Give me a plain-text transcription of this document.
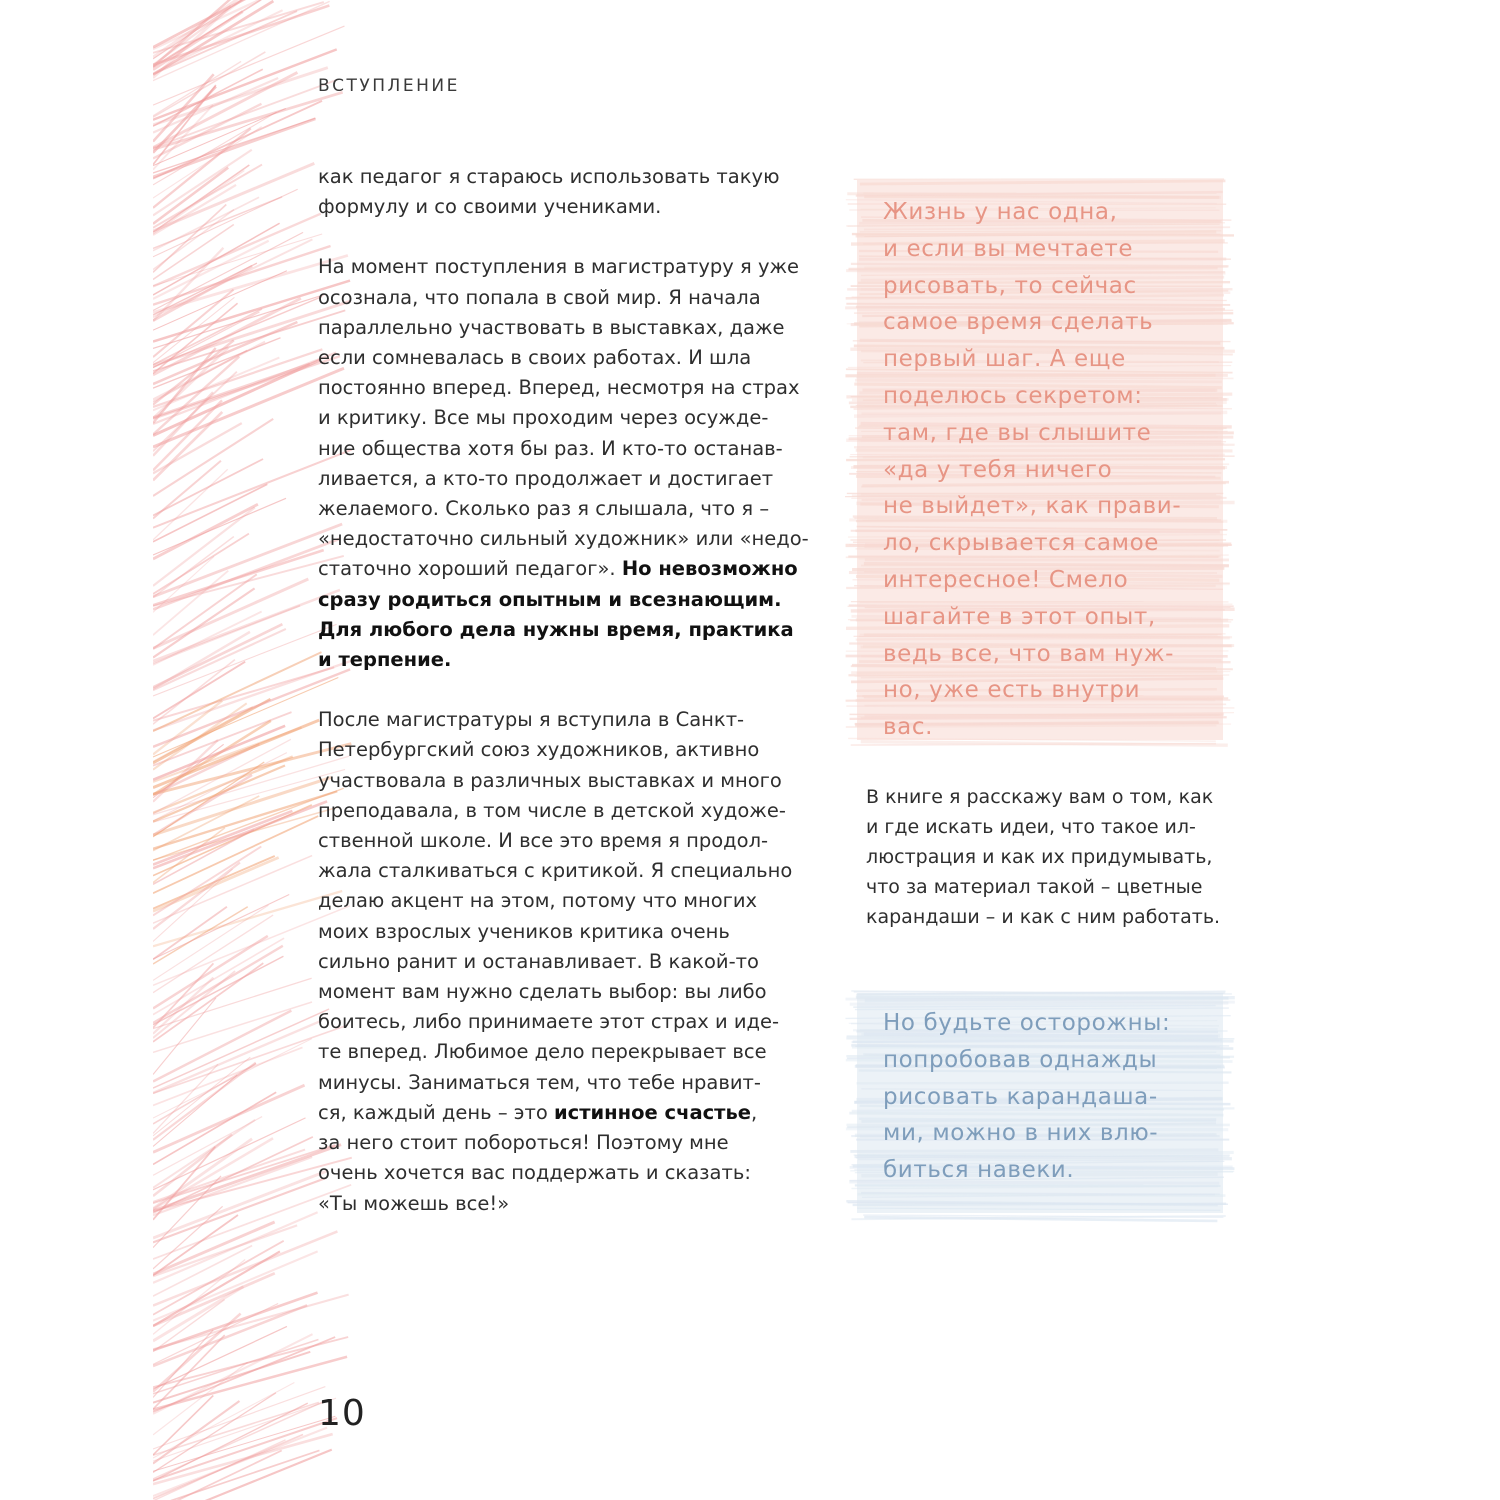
ВСТУПЛЕНИЕ

как педагог я стараюсь использовать такую
формулу и со своими учениками.

На момент поступления в магистратуру я уже
осознала, что попала в свой мир. Я начала
параллельно участвовать в выставках, даже
если сомневалась в своих работах. И шла
постоянно вперед. Вперед, несмотря на страх
и критику. Все мы проходим через осужде-
ние общества хотя бы раз. И кто-то останав-
ливается, а кто-то продолжает и достигает
желаемого. Сколько раз я слышала, что я –
«недостаточно сильный художник» или «недо-
статочно хороший педагог». Но невозможно
сразу родиться опытным и всезнающим.
Для любого дела нужны время, практика
и терпение.

После магистратуры я вступила в Санкт-
Петербургский союз художников, активно
участвовала в различных выставках и много
преподавала, в том числе в детской художе-
ственной школе. И все это время я продол-
жала сталкиваться с критикой. Я специально
делаю акцент на этом, потому что многих
моих взрослых учеников критика очень
сильно ранит и останавливает. В какой-то
момент вам нужно сделать выбор: вы либо
боитесь, либо принимаете этот страх и иде-
те вперед. Любимое дело перекрывает все
минусы. Заниматься тем, что тебе нравит-
ся, каждый день – это истинное счастье,
за него стоит побороться! Поэтому мне
очень хочется вас поддержать и сказать:
«Ты можешь все!»

Жизнь у нас одна,
и если вы мечтаете
рисовать, то сейчас
самое время сделать
первый шаг. А еще
поделюсь секретом:
там, где вы слышите
«да у тебя ничего
не выйдет», как прави-
ло, скрывается самое
интересное! Смело
шагайте в этот опыт,
ведь все, что вам нуж-
но, уже есть внутри
вас.

В книге я расскажу вам о том, как
и где искать идеи, что такое ил-
люстрация и как их придумывать,
что за материал такой – цветные
карандаши – и как с ним работать.

Но будьте осторожны:
попробовав однажды
рисовать карандаша-
ми, можно в них влю-
биться навеки.

10
